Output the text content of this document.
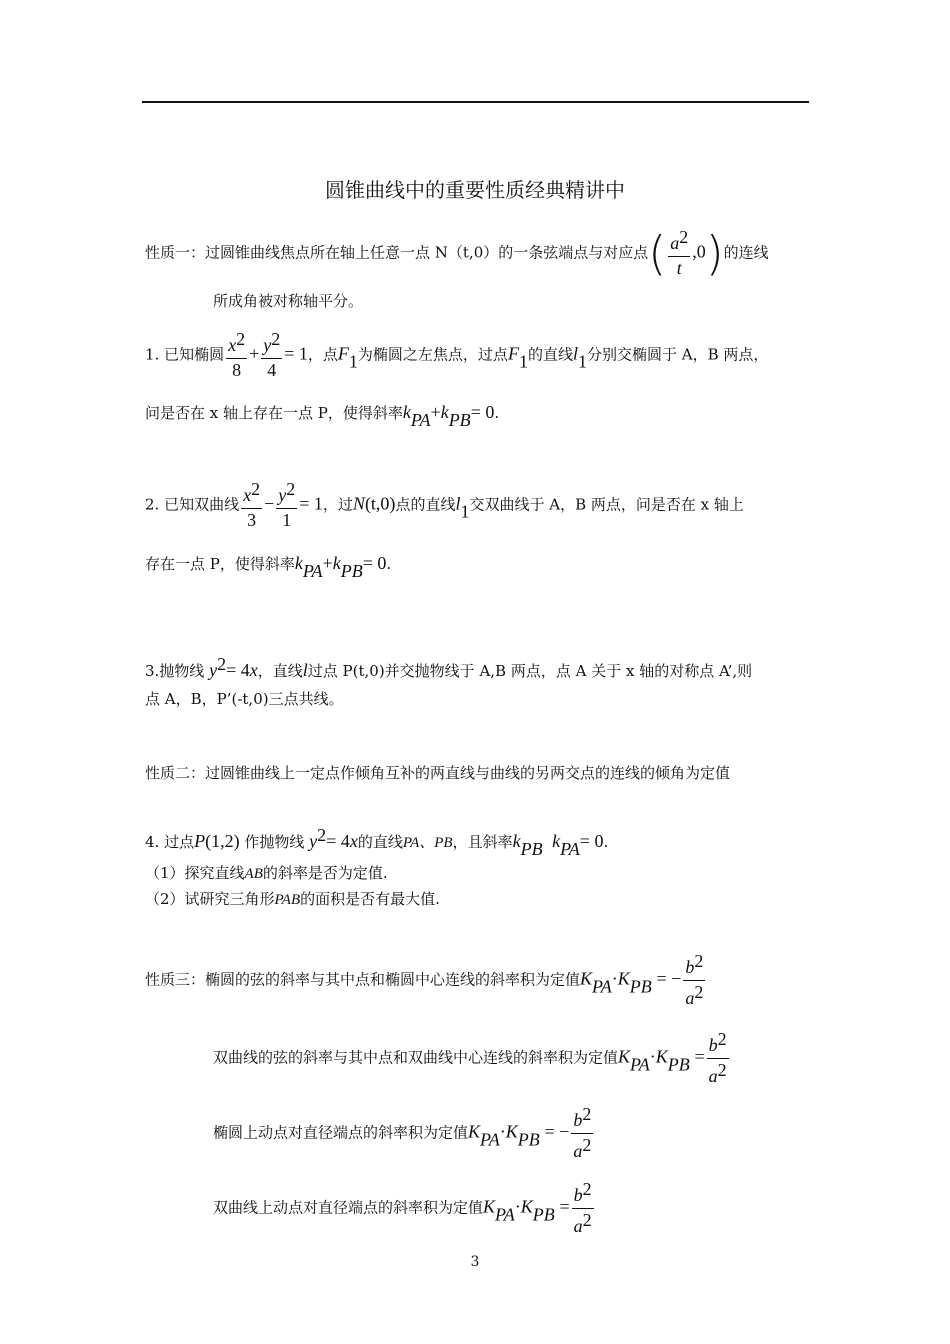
圆锥曲线中的重要性质经典精讲中
性质一：过圆锥曲线焦点所在轴上任意一点 N（t,0）的一条弦端点与对应点( $\frac{a^2}{t} ,0$)的连线
所成角被对称轴平分。
1. 已知椭圆 $\frac{x^2}{8} + \frac{y^2}{4} = 1$，点$F_1$为椭圆之左焦点，过点$F_1$的直线$l_1$分别交椭圆于 A，B 两点，
问是否在 x 轴上存在一点 P，使得斜率$k_{PA}+k_{PB}= 0$.
2. 已知双曲线 $\frac{x^2}{3} - \frac{y^2}{1} = 1$，过N(t,0)点的直线$l_1$交双曲线于 A，B 两点，问是否在 x 轴上
存在一点 P，使得斜率$k_{PA}+k_{PB}= 0$.
3.抛物线 $y^2= 4x$，直线l过点 P(t,0)并交抛物线于 A,B 两点，点 A 关于 x 轴的对称点 A’,则
点 A，B，P’(-t,0)三点共线。
性质二：过圆锥曲线上一定点作倾角互补的两直线与曲线的另两交点的连线的倾角为定值
4. 过点P(1,2) 作抛物线 $y^2= 4x$的直线PA、PB，且斜率$k_{PB}$ $k_{PA}= 0$.
（1）探究直线AB的斜率是否为定值.
（2）试研究三角形PAB的面积是否有最大值.
性质三：椭圆的弦的斜率与其中点和椭圆中心连线的斜率积为定值$K_{PA}\cdot K_{PB}$ = − $\frac{b^2}{a^2}$
双曲线的弦的斜率与其中点和双曲线中心连线的斜率积为定值$K_{PA}\cdot K_{PB} = \frac{b^2}{a^2}$
椭圆上动点对直径端点的斜率积为定值$K_{PA}\cdot K_{PB}$ = − $\frac{b^2}{a^2}$
双曲线上动点对直径端点的斜率积为定值$K_{PA}\cdot K_{PB} = \frac{b^2}{a^2}$
3
